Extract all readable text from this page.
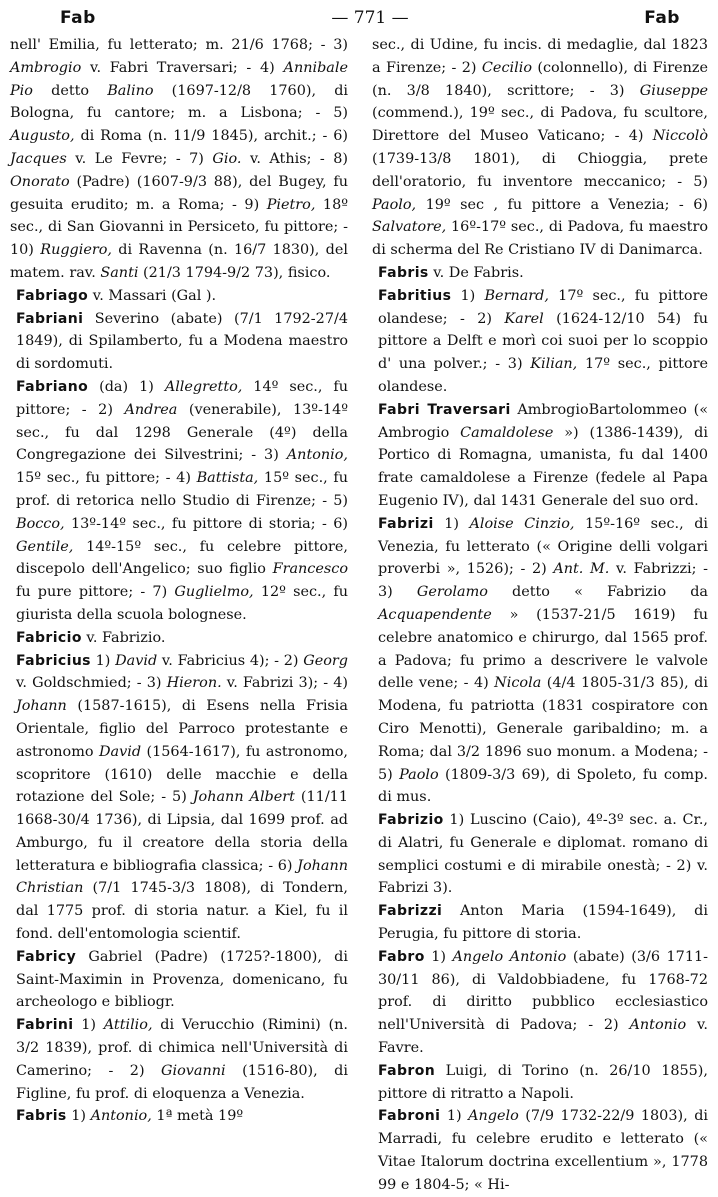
Fab	— 771 —	Fab

nell' Emilia, fu letterato; m. 21/6 1768; - 3) Ambrogio v. Fabri Traversari; - 4) Annibale Pio detto Balino (1697-12/8 1760), di Bologna, fu cantore; m. a Lisbona; - 5) Augusto, di Roma (n. 11/9 1845), archit.; - 6) Jacques v. Le Fevre; - 7) Gio. v. Athis; - 8) Onorato (Padre) (1607-9/3 88), del Bugey, fu gesuita erudito; m. a Roma; - 9) Pietro, 18º sec., di San Giovanni in Persiceto, fu pittore; - 10) Ruggiero, di Ravenna (n. 16/7 1830), del matem. rav. Santi (21/3 1794-9/2 73), fisico.

Fabriago v. Massari (Gal ).

Fabriani Severino (abate) (7/1 1792-27/4 1849), di Spilamberto, fu a Modena maestro di sordomuti.

Fabriano (da) 1) Allegretto, 14º sec., fu pittore; - 2) Andrea (venerabile), 13º-14º sec., fu dal 1298 Generale (4º) della Congregazione dei Silvestrini; - 3) Antonio, 15º sec., fu pittore; - 4) Battista, 15º sec., fu prof. di retorica nello Studio di Firenze; - 5) Bocco, 13º-14º sec., fu pittore di storia; - 6) Gentile, 14º-15º sec., fu celebre pittore, discepolo dell'Angelico; suo figlio Francesco fu pure pittore; - 7) Guglielmo, 12º sec., fu giurista della scuola bolognese.

Fabricio v. Fabrizio.

Fabricius 1) David v. Fabricius 4); - 2) Georg v. Goldschmied; - 3) Hieron. v. Fabrizi 3); - 4) Johann (1587-1615), di Esens nella Frisia Orientale, figlio del Parroco protestante e astronomo David (1564-1617), fu astronomo, scopritore (1610) delle macchie e della rotazione del Sole; - 5) Johann Albert (11/11 1668-30/4 1736), di Lipsia, dal 1699 prof. ad Amburgo, fu il creatore della storia della letteratura e bibliografia classica; - 6) Johann Christian (7/1 1745-3/3 1808), di Tondern, dal 1775 prof. di storia natur. a Kiel, fu il fond. dell'entomologia scientif.

Fabricy Gabriel (Padre) (1725?-1800), di Saint-Maximin in Provenza, domenicano, fu archeologo e bibliogr.

Fabrini 1) Attilio, di Verucchio (Rimini) (n. 3/2 1839), prof. di chimica nell'Università di Camerino; - 2) Giovanni (1516-80), di Figline, fu prof. di eloquenza a Venezia.

Fabris 1) Antonio, 1ª metà 19º

sec., di Udine, fu incis. di medaglie, dal 1823 a Firenze; - 2) Cecilio (colonnello), di Firenze (n. 3/8 1840), scrittore; - 3) Giuseppe (commend.), 19º sec., di Padova, fu scultore, Direttore del Museo Vaticano; - 4) Niccolò (1739-13/8 1801), di Chioggia, prete dell'oratorio, fu inventore meccanico; - 5) Paolo, 19º sec , fu pittore a Venezia; - 6) Salvatore, 16º-17º sec., di Padova, fu maestro di scherma del Re Cristiano IV di Danimarca.

Fabris v. De Fabris.

Fabritius 1) Bernard, 17º sec., fu pittore olandese; - 2) Karel (1624-12/10 54) fu pittore a Delft e morì coi suoi per lo scoppio d' una polver.; - 3) Kilian, 17º sec., pittore olandese.

Fabri Traversari AmbrogioBartolommeo (« Ambrogio Camaldolese ») (1386-1439), di Portico di Romagna, umanista, fu dal 1400 frate camaldolese a Firenze (fedele al Papa Eugenio IV), dal 1431 Generale del suo ord.

Fabrizi 1) Aloise Cinzio, 15º-16º sec., di Venezia, fu letterato (« Origine delli volgari proverbi », 1526); - 2) Ant. M. v. Fabrizzi; - 3) Gerolamo detto « Fabrizio da Acquapendente » (1537-21/5 1619) fu celebre anatomico e chirurgo, dal 1565 prof. a Padova; fu primo a descrivere le valvole delle vene; - 4) Nicola (4/4 1805-31/3 85), di Modena, fu patriotta (1831 cospiratore con Ciro Menotti), Generale garibaldino; m. a Roma; dal 3/2 1896 suo monum. a Modena; - 5) Paolo (1809-3/3 69), di Spoleto, fu comp. di mus.

Fabrizio 1) Luscino (Caio), 4º-3º sec. a. Cr., di Alatri, fu Generale e diplomat. romano di semplici costumi e di mirabile onestà; - 2) v. Fabrizi 3).

Fabrizzi Anton Maria (1594-1649), di Perugia, fu pittore di storia.

Fabro 1) Angelo Antonio (abate) (3/6 1711-30/11 86), di Valdobbiadene, fu 1768-72 prof. di diritto pubblico ecclesiastico nell'Università di Padova; - 2) Antonio v. Favre.

Fabron Luigi, di Torino (n. 26/10 1855), pittore di ritratto a Napoli.

Fabroni 1) Angelo (7/9 1732-22/9 1803), di Marradi, fu celebre erudito e letterato (« Vitae Italorum doctrina excellentium », 1778 99 e 1804-5; « Hi-
